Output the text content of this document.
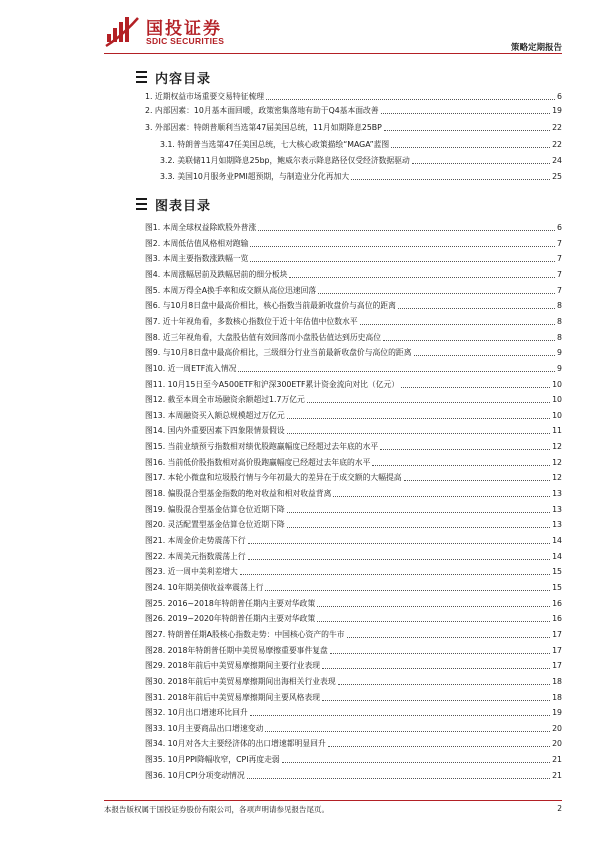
国投证券
SDIC SECURITIES
策略定期报告
内容目录
1. 近期权益市场重要交易特征梳理	6
2. 内部因素：10月基本面回暖，政策密集落地有助于Q4基本面改善	19
3. 外部因素：特朗普顺利当选第47届美国总统，11月如期降息25BP	22
3.1. 特朗普当选第47任美国总统，七大核心政策描绘“MAGA”蓝图	22
3.2. 美联储11月如期降息25bp，鲍威尔表示降息路径仅受经济数据驱动	24
3.3. 美国10月服务业PMI超预期，与制造业分化再加大	25
图表目录
图1. 本周全球权益除欧股外普涨	6
图2. 本周低估值风格相对跑输	7
图3. 本周主要指数涨跌幅一览	7
图4. 本周涨幅居前及跌幅居前的细分板块	7
图5. 本周万得全A换手率和成交额从高位迅速回落	7
图6. 与10月8日盘中最高价相比，核心指数当前最新收盘价与高位的距离	8
图7. 近十年视角看，多数核心指数位于近十年估值中位数水平	8
图8. 近三年视角看，大盘股估值有效回落而小盘股估值达到历史高位	8
图9. 与10月8日盘中最高价相比，三级细分行业当前最新收盘价与高位的距离	9
图10. 近一周ETF流入情况	9
图11. 10月15日至今A500ETF和沪深300ETF累计资金流向对比（亿元）	10
图12. 截至本周全市场融资余额超过1.7万亿元	10
图13. 本周融资买入额总规模超过万亿元	10
图14. 国内外重要因素下四象限情景假设	11
图15. 当前业绩预亏指数相对绩优股跑赢幅度已经超过去年底的水平	12
图16. 当前低价股指数相对高价股跑赢幅度已经超过去年底的水平	12
图17. 本轮小微盘和垃圾股行情与今年初最大的差异在于成交额的大幅提高	12
图18. 偏股混合型基金指数的绝对收益和相对收益背离	13
图19. 偏股混合型基金估算仓位近期下降	13
图20. 灵活配置型基金估算仓位近期下降	13
图21. 本周金价走势震荡下行	14
图22. 本周美元指数震荡上行	14
图23. 近一周中美利差增大	15
图24. 10年期美债收益率震荡上行	15
图25. 2016~2018年特朗普任期内主要对华政策	16
图26. 2019~2020年特朗普任期内主要对华政策	16
图27. 特朗普任期A股核心指数走势：中国核心资产的牛市	17
图28. 2018年特朗普任期中美贸易摩擦重要事件复盘	17
图29. 2018年前后中美贸易摩擦期间主要行业表现	17
图30. 2018年前后中美贸易摩擦期间出海相关行业表现	18
图31. 2018年前后中美贸易摩擦期间主要风格表现	18
图32. 10月出口增速环比回升	19
图33. 10月主要商品出口增速变动	20
图34. 10月对各大主要经济体的出口增速都明显回升	20
图35. 10月PPI降幅收窄，CPI再度走弱	21
图36. 10月CPI分项变动情况	21
本报告版权属于国投证券股份有限公司，各项声明请参见报告尾页。	2
